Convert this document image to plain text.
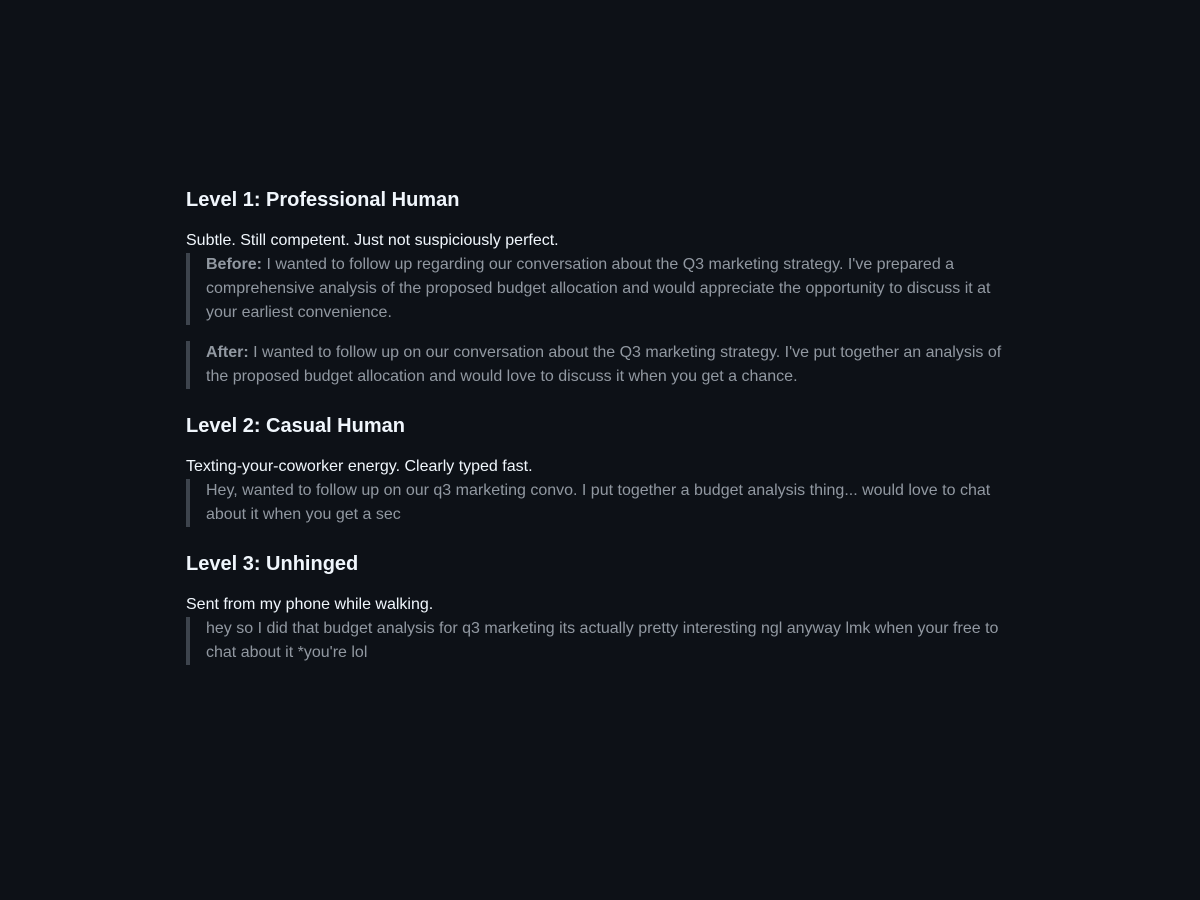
Level 1: Professional Human

Subtle. Still competent. Just not suspiciously perfect.

Before: I wanted to follow up regarding our conversation about the Q3 marketing strategy. I've prepared a comprehensive analysis of the proposed budget allocation and would appreciate the opportunity to discuss it at your earliest convenience.
After: I wanted to follow up on our conversation about the Q3 marketing strategy. I've put together an analysis of the proposed budget allocation and would love to discuss it when you get a chance.
Level 2: Casual Human

Texting-your-coworker energy. Clearly typed fast.

Hey, wanted to follow up on our q3 marketing convo. I put together a budget analysis thing... would love to chat about it when you get a sec
Level 3: Unhinged

Sent from my phone while walking.

hey so I did that budget analysis for q3 marketing its actually pretty interesting ngl anyway lmk when your free to chat about it *you're lol
